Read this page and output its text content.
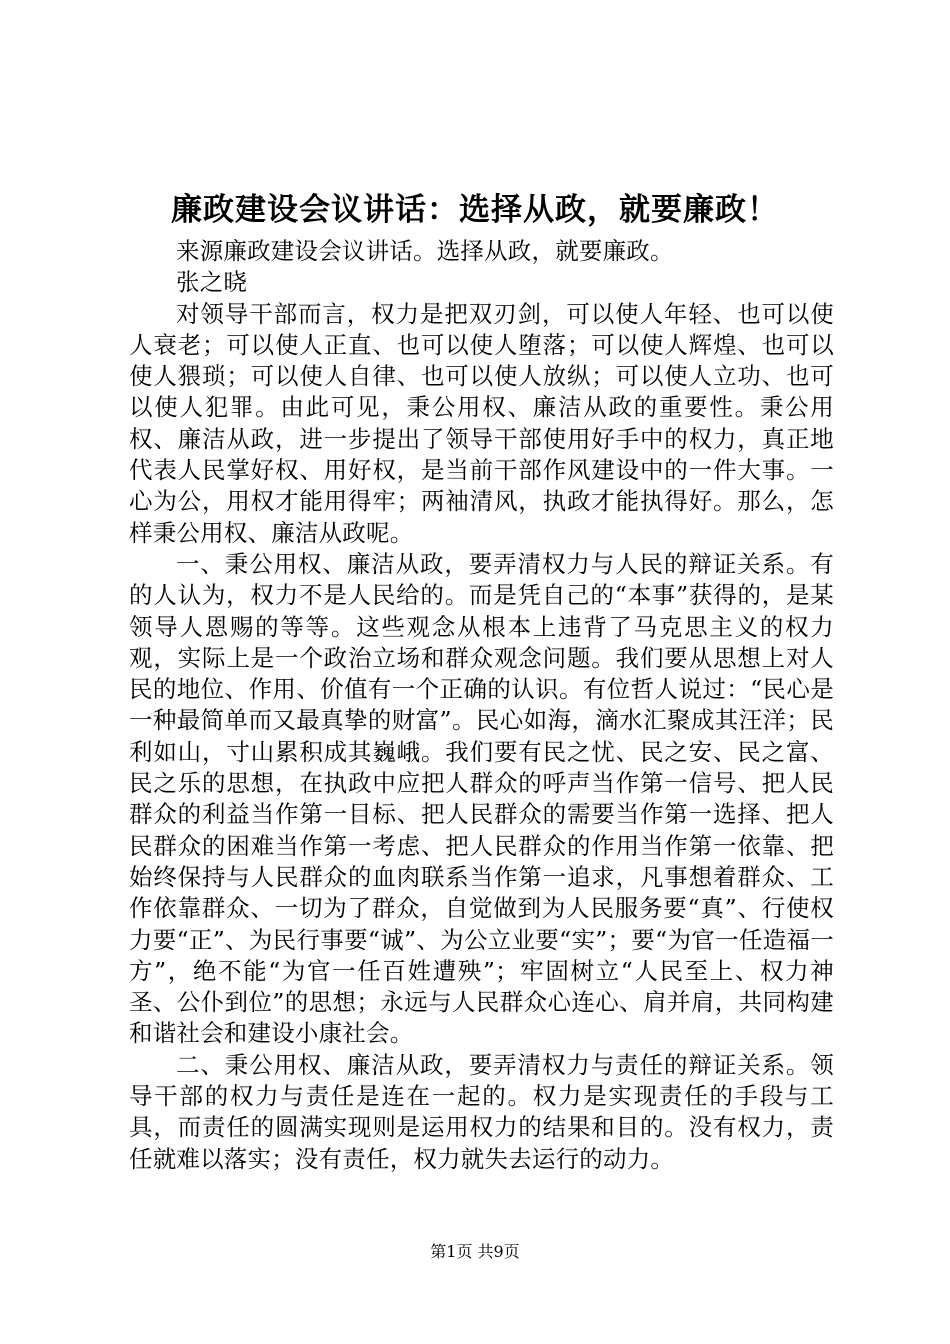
廉政建设会议讲话：选择从政，就要廉政！

来源廉政建设会议讲话。选择从政，就要廉政。

张之晓

对领导干部而言，权力是把双刃剑，可以使人年轻、也可以使人衰老；可以使人正直、也可以使人堕落；可以使人辉煌、也可以使人猥琐；可以使人自律、也可以使人放纵；可以使人立功、也可以使人犯罪。由此可见，秉公用权、廉洁从政的重要性。秉公用权、廉洁从政，进一步提出了领导干部使用好手中的权力，真正地代表人民掌好权、用好权，是当前干部作风建设中的一件大事。一心为公，用权才能用得牢；两袖清风，执政才能执得好。那么，怎样秉公用权、廉洁从政呢。

一、秉公用权、廉洁从政，要弄清权力与人民的辩证关系。有的人认为，权力不是人民给的。而是凭自己的“本事”获得的，是某领导人恩赐的等等。这些观念从根本上违背了马克思主义的权力观，实际上是一个政治立场和群众观念问题。我们要从思想上对人民的地位、作用、价值有一个正确的认识。有位哲人说过：“民心是一种最简单而又最真挚的财富”。民心如海，滴水汇聚成其汪洋；民利如山，寸山累积成其巍峨。我们要有民之忧、民之安、民之富、民之乐的思想，在执政中应把人群众的呼声当作第一信号、把人民群众的利益当作第一目标、把人民群众的需要当作第一选择、把人民群众的困难当作第一考虑、把人民群众的作用当作第一依靠、把始终保持与人民群众的血肉联系当作第一追求，凡事想着群众、工作依靠群众、一切为了群众，自觉做到为人民服务要“真”、行使权力要“正”、为民行事要“诚”、为公立业要“实”；要“为官一任造福一方”，绝不能“为官一任百姓遭殃”；牢固树立“人民至上、权力神圣、公仆到位”的思想；永远与人民群众心连心、肩并肩，共同构建和谐社会和建设小康社会。

二、秉公用权、廉洁从政，要弄清权力与责任的辩证关系。领导干部的权力与责任是连在一起的。权力是实现责任的手段与工具，而责任的圆满实现则是运用权力的结果和目的。没有权力，责任就难以落实；没有责任，权力就失去运行的动力。

第1页 共9页
